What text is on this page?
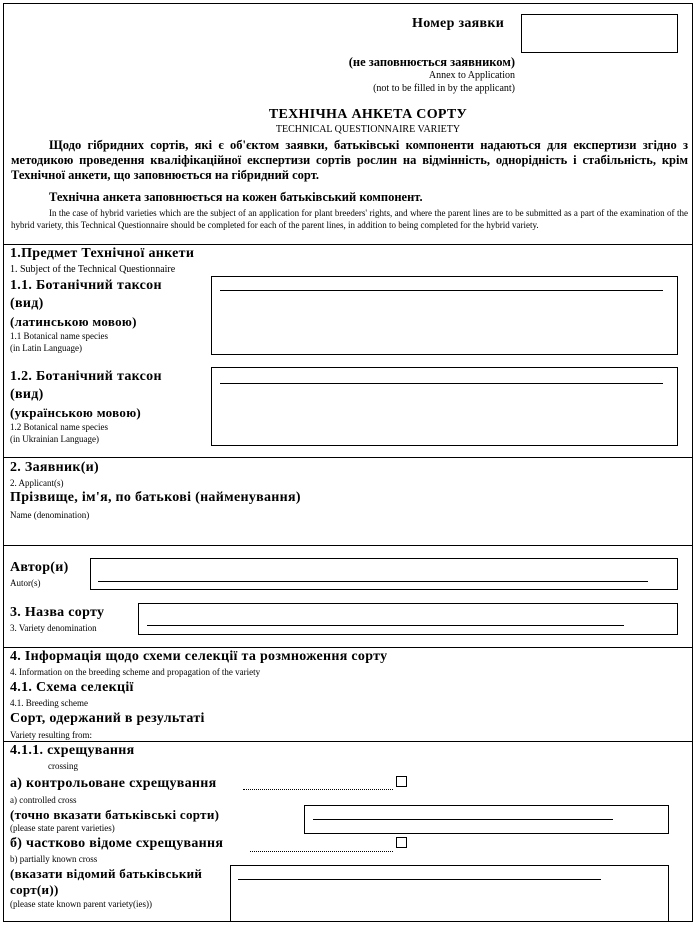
Номер заявки
(не заповнюється заявником)
Annex to Application
(not to be filled in by the applicant)
ТЕХНІЧНА АНКЕТА СОРТУ
TECHNICAL QUESTIONNAIRE VARIETY
Щодо гібридних сортів, які є об'єктом заявки, батьківські компоненти надаються для експертизи згідно з методикою проведення кваліфікаційної експертизи сортів рослин на відмінність, однорідність і стабільність, крім Технічної анкети, що заповнюється на гібридний сорт.
Технічна анкета заповнюється на кожен батьківський компонент.
In the case of hybrid varieties which are the subject of an application for plant breeders' rights, and where the parent lines are to be submitted as a part of the examination of the hybrid variety, this Technical Questionnaire should be completed for each of the parent lines, in addition to being completed for the hybrid variety.
1.Предмет Технічної анкети
1. Subject of the Technical Questionnaire
1.1. Ботанічний таксон
(вид)
(латинською мовою)
1.1 Botanical name species
(in Latin Language)
1.2. Ботанічний таксон
(вид)
(українською мовою)
1.2 Botanical name species
(in Ukrainian Language)
2. Заявник(и)
2. Applicant(s)
Прізвище, ім'я, по батькові (найменування)
Name (denomination)
Автор(и)
Autor(s)
3. Назва сорту
3. Variety denomination
4. Інформація щодо схеми селекції та розмноження сорту
4. Information on the breeding scheme and propagation of the variety
4.1. Схема селекції
4.1. Breeding scheme
Сорт, одержаний в результаті
Variety resulting from:
4.1.1. схрещування
crossing
а) контрольоване схрещування
a) controlled cross
(точно вказати батьківські сорти)
(please state parent varieties)
б) частково відоме схрещування
b) partially known cross
(вказати відомий батьківський
сорт(и))
(please state known parent variety(ies))
